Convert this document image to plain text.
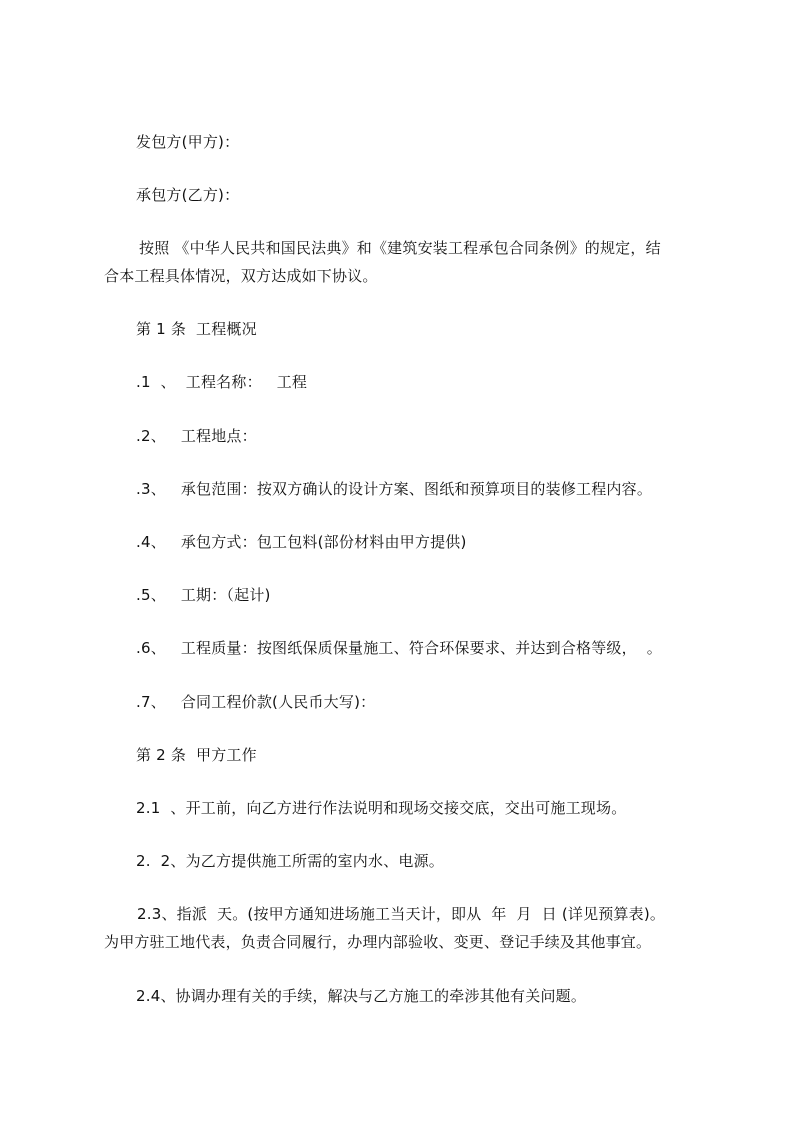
发包方(甲方)：
承包方(乙方)：
按照 《中华人民共和国民法典》和《建筑安装工程承包合同条例》的规定，结
合本工程具体情况，双方达成如下协议。
第 1 条  工程概况
.1  、  工程名称：   工程
.2、   工程地点：
.3、   承包范围：按双方确认的设计方案、图纸和预算项目的装修工程内容。
.4、   承包方式：包工包料(部份材料由甲方提供)
.5、   工期：（起计)
.6、   工程质量：按图纸保质保量施工、符合环保要求、并达到合格等级，  。
.7、   合同工程价款(人民币大写)：
第 2 条  甲方工作
2.1  、开工前，向乙方进行作法说明和现场交接交底，交出可施工现场。
2.  2、为乙方提供施工所需的室内水、电源。
2.3、指派  天。(按甲方通知进场施工当天计，即从  年  月  日 (详见预算表)。
为甲方驻工地代表，负责合同履行，办理内部验收、变更、登记手续及其他事宜。
2.4、协调办理有关的手续，解决与乙方施工的牵涉其他有关问题。
